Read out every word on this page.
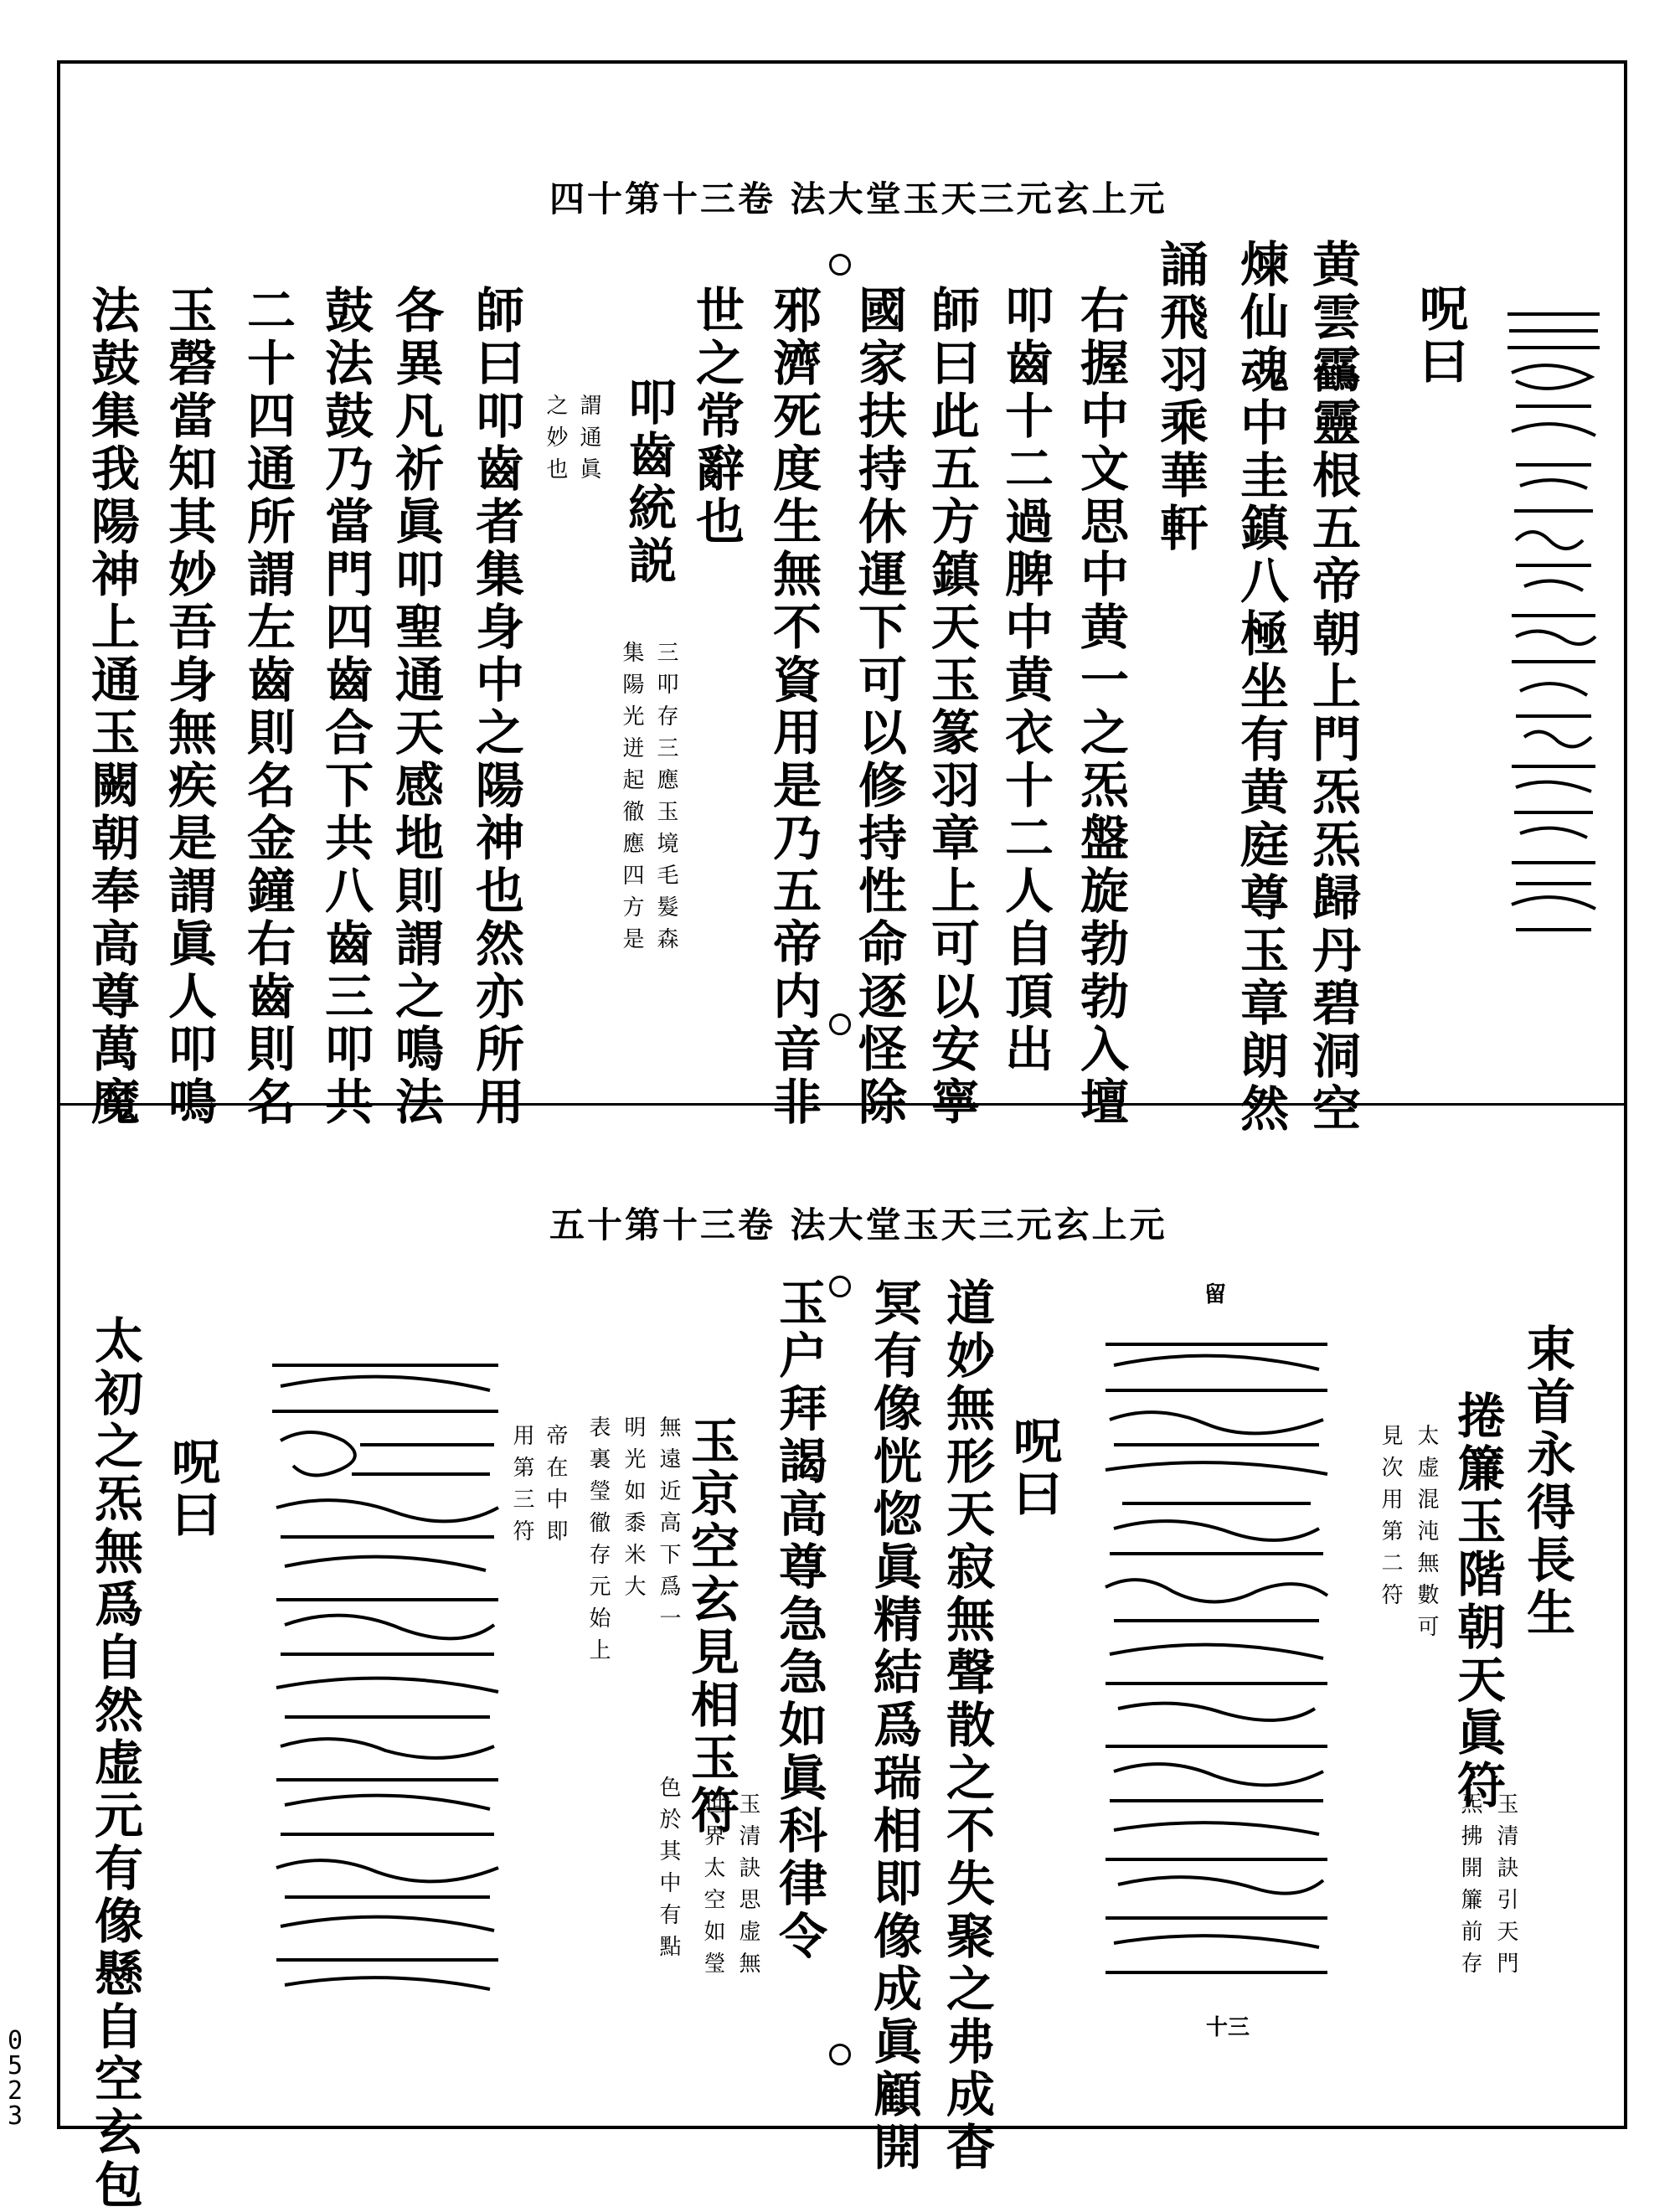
元上玄元三天玉堂大法 卷三十第十四
呪曰
黄雲靏靈根五帝朝上門炁炁歸丹碧洞空
煉仙魂中圭鎮八極坐有黄庭尊玉章朗然
誦飛羽乘華軒
右握中文思中黄一之炁盤旋勃勃入壇
叩齒十二過脾中黄衣十二人自頂出
師曰此五方鎮天玉篆羽章上可以安寧
國家扶持休運下可以修持性命逐怪除
邪濟死度生無不資用是乃五帝内音非
世之常辭也
叩齒統説
三叩存三應玉境毛髮森
集陽光迸起徹應四方是
謂通眞
之妙也
師曰叩齒者集身中之陽神也然亦所用
各異凡祈眞叩聖通天感地則謂之鳴法
鼓法鼓乃當門四齒合下共八齒三叩共
二十四通所謂左齒則名金鐘右齒則名
玉磬當知其妙吾身無疾是謂眞人叩鳴
法鼓集我陽神上通玉闕朝奉高尊萬魔
元上玄元三天玉堂大法 卷三十第十五
束首永得長生
捲簾玉階朝天眞符
玉清訣引天門
炁拂開簾前存
太虚混沌無數可
見次用第二符
留
十三
道妙無形天寂無聲散之不失聚之弗成杳
冥有像恍惚眞精結爲瑞相即像成眞顧開
玉户拜謁高尊急急如眞科律令	呪曰
玉京空玄見相玉符
玉清訣思虚無
世界太空如瑩
無遠近高下爲一
色於其中有點
明光如黍米大
表裏瑩徹存元始上
帝在中即
用第三符
呪曰
太初之炁無爲自然虚元有像懸自空玄包
0523
